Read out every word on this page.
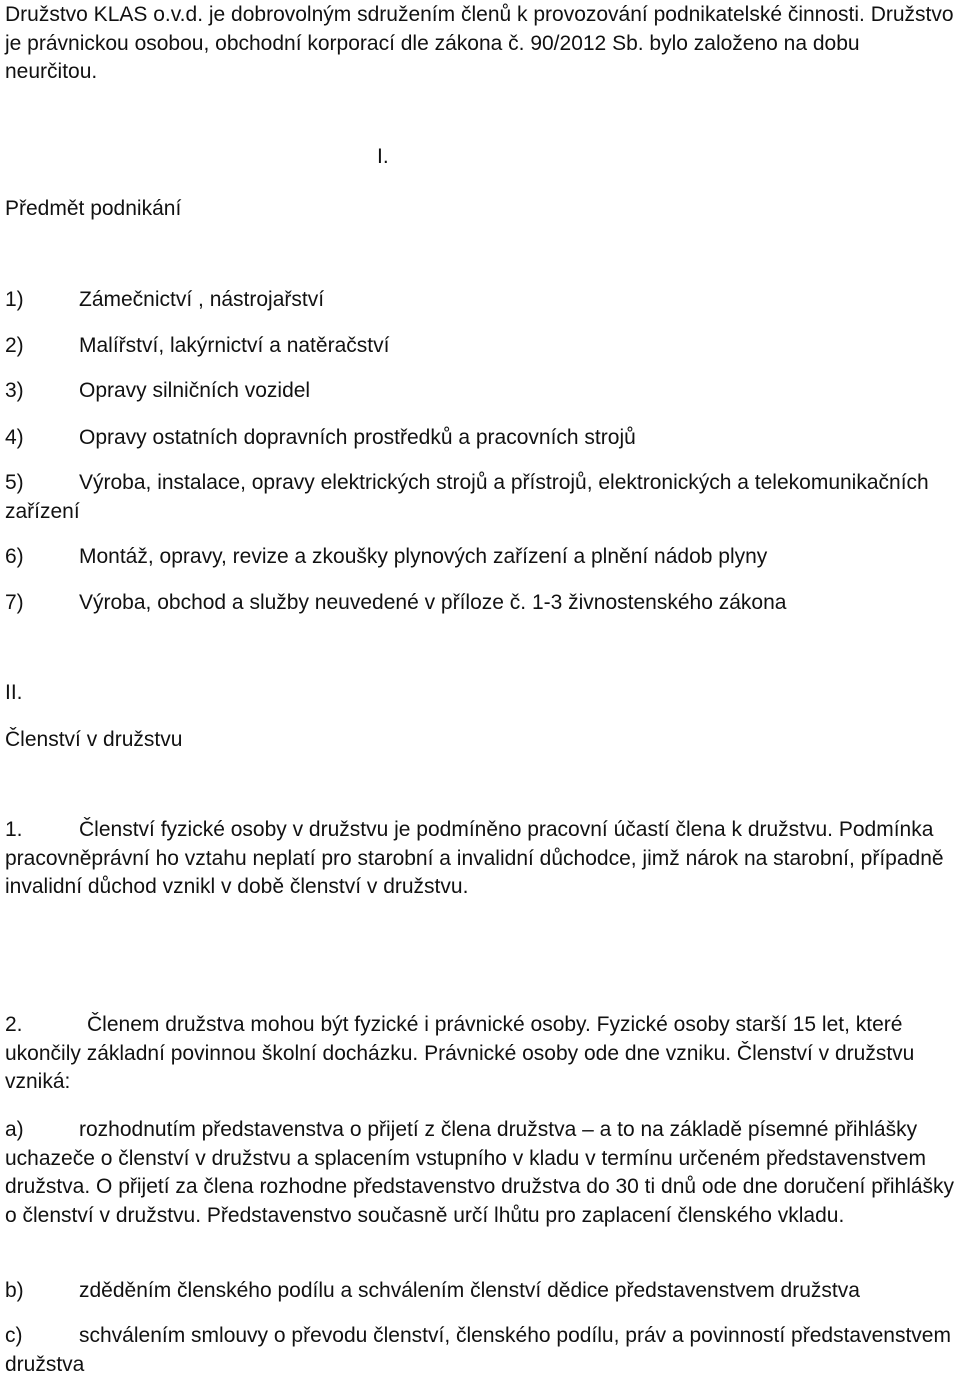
Družstvo KLAS o.v.d. je dobrovolným sdružením členů k provozování podnikatelské činnosti. Družstvo je právnickou osobou, obchodní korporací dle zákona č. 90/2012 Sb. bylo založeno na dobu neurčitou.

I.
Předmět podnikání
1)	Zámečnictví , nástrojařství
2)	Malířství, lakýrnictví a natěračství
3)	Opravy silničních vozidel
4)	Opravy ostatních dopravních prostředků a pracovních strojů
5)	Výroba, instalace, opravy elektrických strojů a přístrojů, elektronických a telekomunikačních zařízení
6)	Montáž, opravy, revize a zkoušky plynových zařízení a plnění nádob plyny
7)	Výroba, obchod a služby neuvedené v příloze č. 1-3 živnostenského zákona
II.
Členství v družstvu
1.	Členství fyzické osoby v družstvu je podmíněno pracovní účastí člena k družstvu. Podmínka pracovněprávní ho vztahu neplatí pro starobní a invalidní důchodce, jimž nárok na starobní, případně invalidní důchod vznikl v době členství v družstvu.
2.	Členem družstva mohou být fyzické i právnické osoby. Fyzické osoby starší 15 let, které ukončily základní povinnou školní docházku. Právnické osoby ode dne vzniku. Členství v družstvu vzniká:
a)	rozhodnutím představenstva o přijetí z člena družstva – a to na základě písemné přihlášky uchazeče o členství v družstvu a splacením vstupního v kladu v termínu určeném představenstvem družstva. O přijetí za člena rozhodne představenstvo družstva do 30 ti dnů ode dne doručení přihlášky o členství v družstvu. Představenstvo současně určí lhůtu pro zaplacení členského vkladu.
b)	zděděním členského podílu a schválením členství dědice představenstvem družstva
c)	schválením smlouvy o převodu členství, členského podílu, práv a povinností představenstvem družstva
